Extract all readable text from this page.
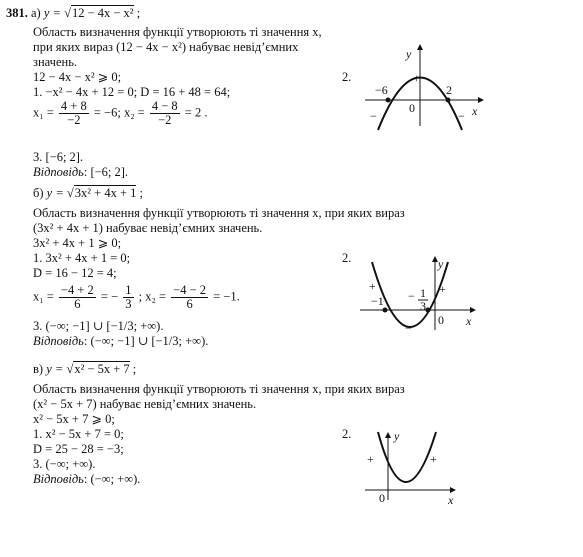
381. а) y = √12 − 4x − x² ;
Область визначення функції утворюють ті значення x,
при яких вираз (12 − 4x − x²) набуває невід’ємних
значень.
12 − 4x − x² ⩾ 0;
1. −x² − 4x + 12 = 0; D = 16 + 48 = 64;
$x_1 = \frac{4 + 8}{-2} = -6$; $x_2 = \frac{4 - 8}{-2} = 2$ .
2.
3. [−6; 2].
Відповідь: [−6; 2].
y
x
0
−6	2
+
−	−
б) y = √3x² + 4x + 1 ;
Область визначення функції утворюють ті значення x, при яких вираз
(3x² + 4x + 1) набуває невід’ємних значень.
3x² + 4x + 1 ⩾ 0;
1. 3x² + 4x + 1 = 0;
D = 16 − 12 = 4;
$x_1 = \frac{-4 + 2}{6}$ = − $\frac{1}{3}$ ; $x_2 = \frac{-4 - 2}{6} = -1$.
2.
3. (−∞; −1] ∪ [−1/3; +∞).
Відповідь: (−∞; −1] ∪ [−1/3; +∞).
y
x
0
−1 − 1
3
+	+
−
в) y = √x² − 5x + 7 ;
Область визначення функції утворюють ті значення x, при яких вираз
(x² − 5x + 7) набуває невід’ємних значень.
x² − 5x + 7 ⩾ 0;
1. x² − 5x + 7 = 0;
D = 25 − 28 = −3;
3. (−∞; +∞).
Відповідь: (−∞; +∞).
2.	y
x
0
+	+
